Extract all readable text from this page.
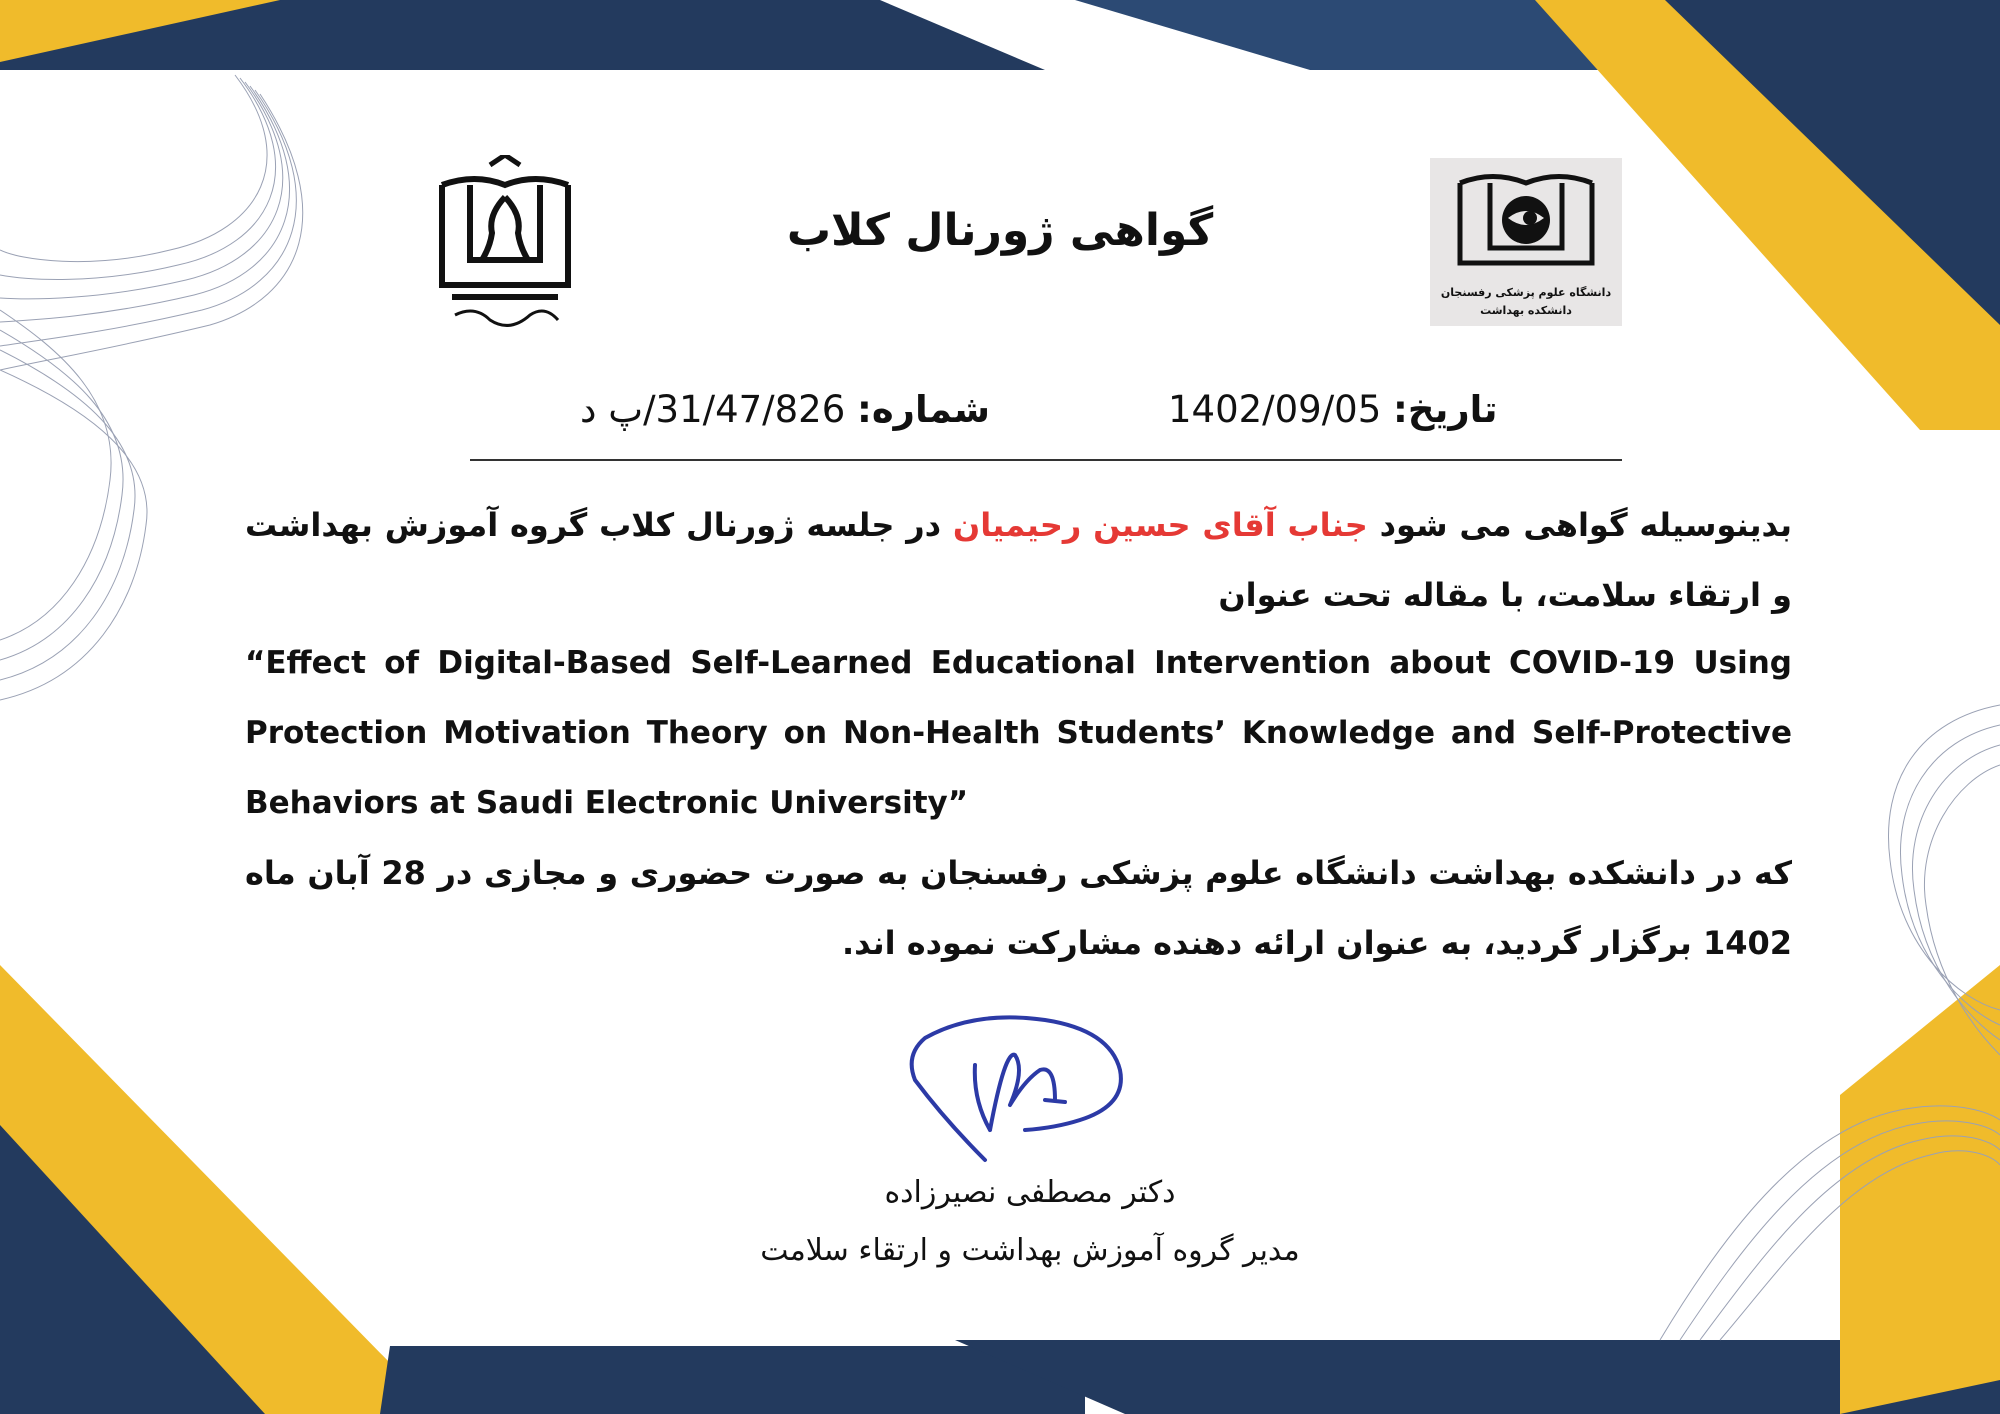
دانشگاه علوم پزشکی رفسنجان
دانشکده بهداشت
گواهی ژورنال کلاب
تاریخ: 1402/09/05
شماره: 31/47/826/پ د

بدینوسیله گواهی می شود جناب آقای حسین رحیمیان در جلسه ژورنال کلاب گروه آموزش بهداشت و ارتقاء سلامت، با مقاله تحت عنوان

“Effect of Digital-Based Self-Learned Educational Intervention about COVID-19 Using Protection Motivation Theory on Non-Health Students’ Knowledge and Self-Protective Behaviors at Saudi Electronic University”

که در دانشکده بهداشت دانشگاه علوم پزشکی رفسنجان به صورت حضوری و مجازی در 28 آبان ماه 1402 برگزار گردید، به عنوان ارائه دهنده مشارکت نموده اند.

دکتر مصطفی نصیرزاده
مدیر گروه آموزش بهداشت و ارتقاء سلامت
